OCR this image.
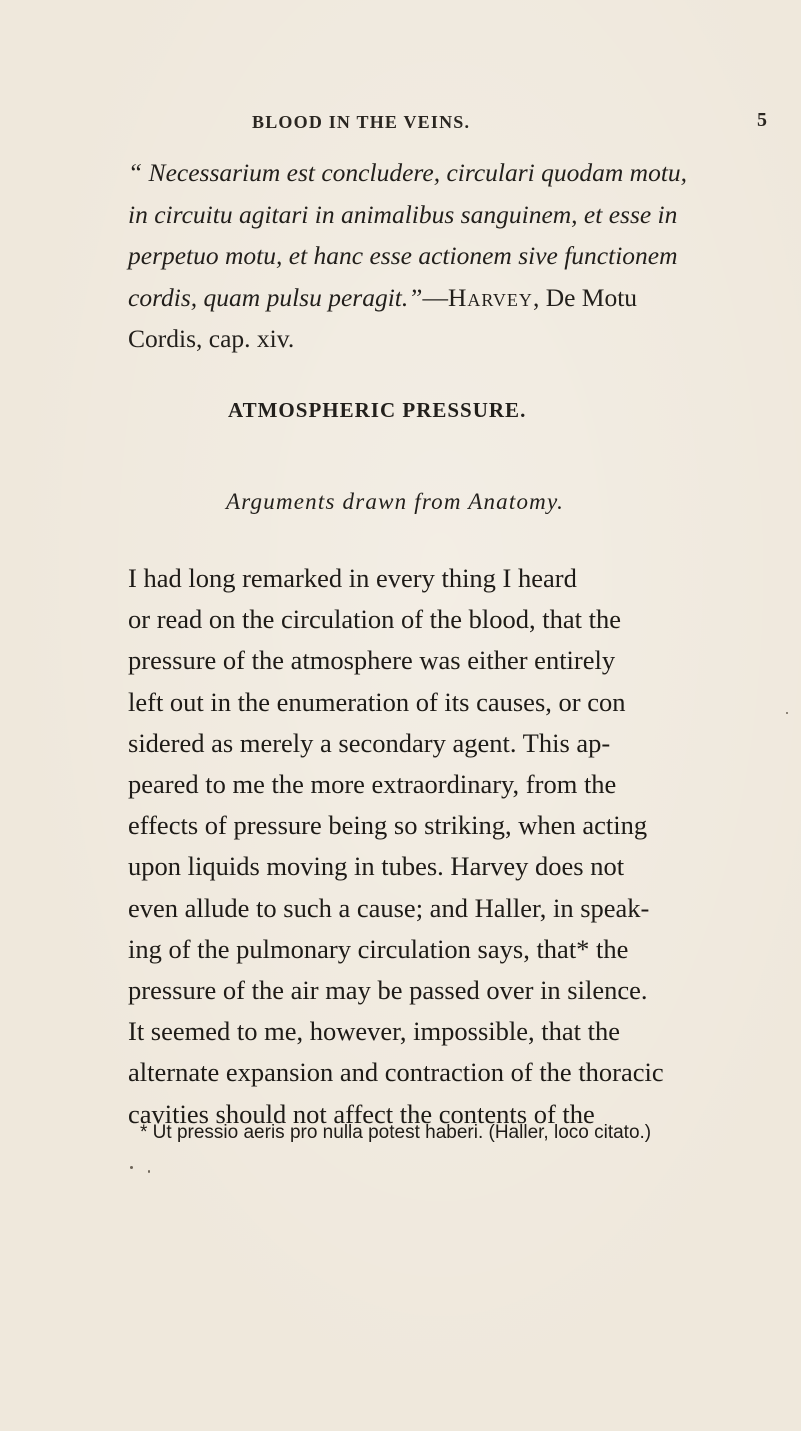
BLOOD IN THE VEINS.	5

“ Necessarium est concludere, circulari quodam motu,
in circuitu agitari in animalibus sanguinem, et esse in
perpetuo motu, et hanc esse actionem sive functionem
cordis, quam pulsu peragit.”—Harvey, De Motu
Cordis, cap. xiv.

ATMOSPHERIC PRESSURE.
Arguments drawn from Anatomy.

I had long remarked in every thing I heard
or read on the circulation of the blood, that the
pressure of the atmosphere was either entirely
left out in the enumeration of its causes, or con
sidered as merely a secondary agent. This ap-
peared to me the more extraordinary, from the
effects of pressure being so striking, when acting
upon liquids moving in tubes. Harvey does not
even allude to such a cause; and Haller, in speak-
ing of the pulmonary circulation says, that* the
pressure of the air may be passed over in silence.
It seemed to me, however, impossible, that the
alternate expansion and contraction of the thoracic
cavities should not affect the contents of the

* Ut pressio aeris pro nulla potest haberi. (Haller, loco citato.)
